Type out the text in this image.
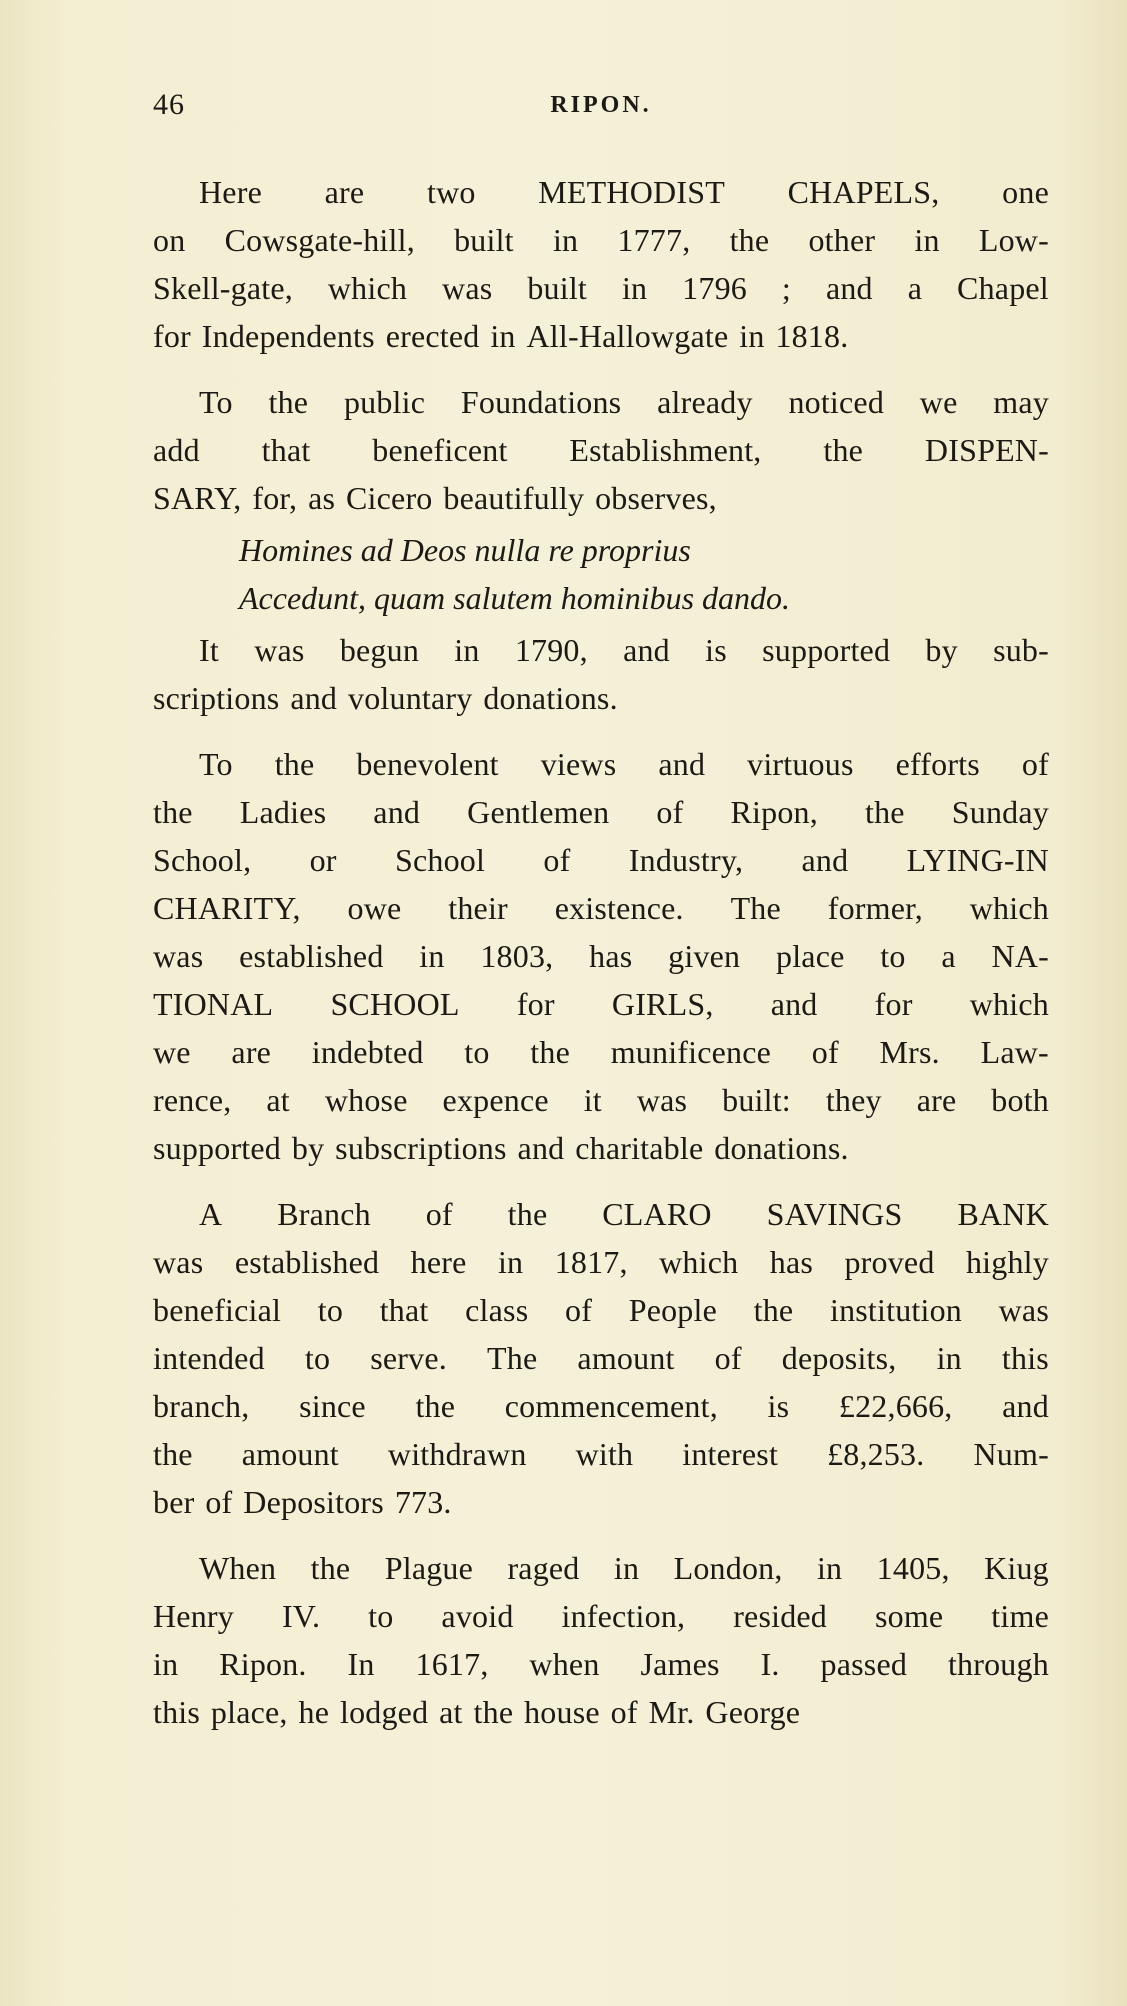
46	RIPON.
Here are two METHODIST CHAPELS, one
on Cowsgate-hill, built in 1777, the other in Low-
Skell-gate, which was built in 1796 ; and a Chapel
for Independents erected in All-Hallowgate in 1818.
To the public Foundations already noticed we may
add that beneficent Establishment, the DISPEN-
SARY, for, as Cicero beautifully observes,
Homines ad Deos nulla re proprius
Accedunt, quam salutem hominibus dando.
It was begun in 1790, and is supported by sub-
scriptions and voluntary donations.
To the benevolent views and virtuous efforts of
the Ladies and Gentlemen of Ripon, the Sunday
School, or School of Industry, and LYING-IN
CHARITY, owe their existence. The former, which
was established in 1803, has given place to a NA-
TIONAL SCHOOL for GIRLS, and for which
we are indebted to the munificence of Mrs. Law-
rence, at whose expence it was built: they are both
supported by subscriptions and charitable donations.
A Branch of the CLARO SAVINGS BANK
was established here in 1817, which has proved highly
beneficial to that class of People the institution was
intended to serve. The amount of deposits, in this
branch, since the commencement, is £22,666, and
the amount withdrawn with interest £8,253. Num-
ber of Depositors 773.
When the Plague raged in London, in 1405, Kiug
Henry IV. to avoid infection, resided some time
in Ripon. In 1617, when James I. passed through
this place, he lodged at the house of Mr. George
